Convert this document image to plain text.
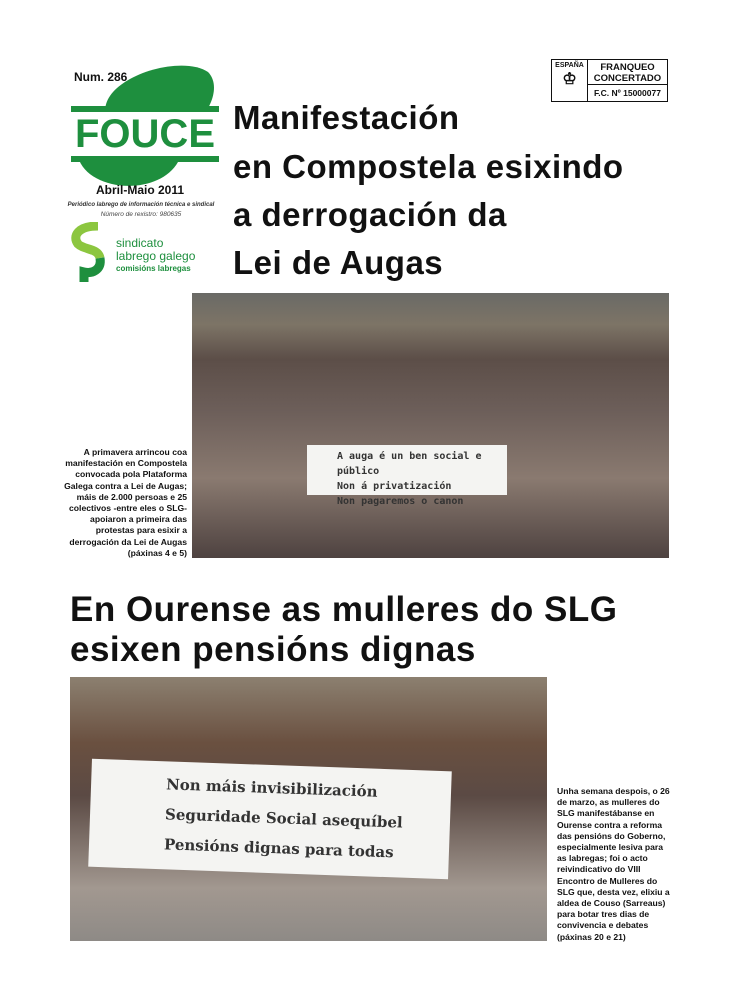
Num. 286
FOUCE
Abril-Maio 2011
Periódico labrego de información técnica e sindical
Número de rexistro: 980635
sindicato
labrego galego
comisións labregas
ESPAÑA
♔
FRANQUEO
CONCERTADO
F.C. Nº 15000077
Manifestación
en Compostela esixindo
a derrogación da
Lei de Augas
A auga é un ben social e público
Non á privatización
Non pagaremos o canon
A primavera arrincou coa manifestación en Compostela convocada pola Plataforma Galega contra a Lei de Augas; máis de 2.000 persoas e 25 colectivos -entre eles o SLG- apoiaron a primeira das protestas para esixir a derrogación da Lei de Augas (páxinas 4 e 5)
En Ourense as mulleres do SLG
esixen pensións dignas
Non máis invisibilización
Seguridade Social asequíbel
Pensións dignas para todas
Unha semana despois, o 26 de marzo, as mulleres do SLG manifestábanse en Ourense contra a reforma das pensións do Goberno, especialmente lesiva para as labregas; foi o acto reivindicativo do VIII Encontro de Mulleres do SLG que, desta vez, elixiu a aldea de Couso (Sarreaus) para botar tres dias de convivencia e debates (páxinas 20 e 21)
